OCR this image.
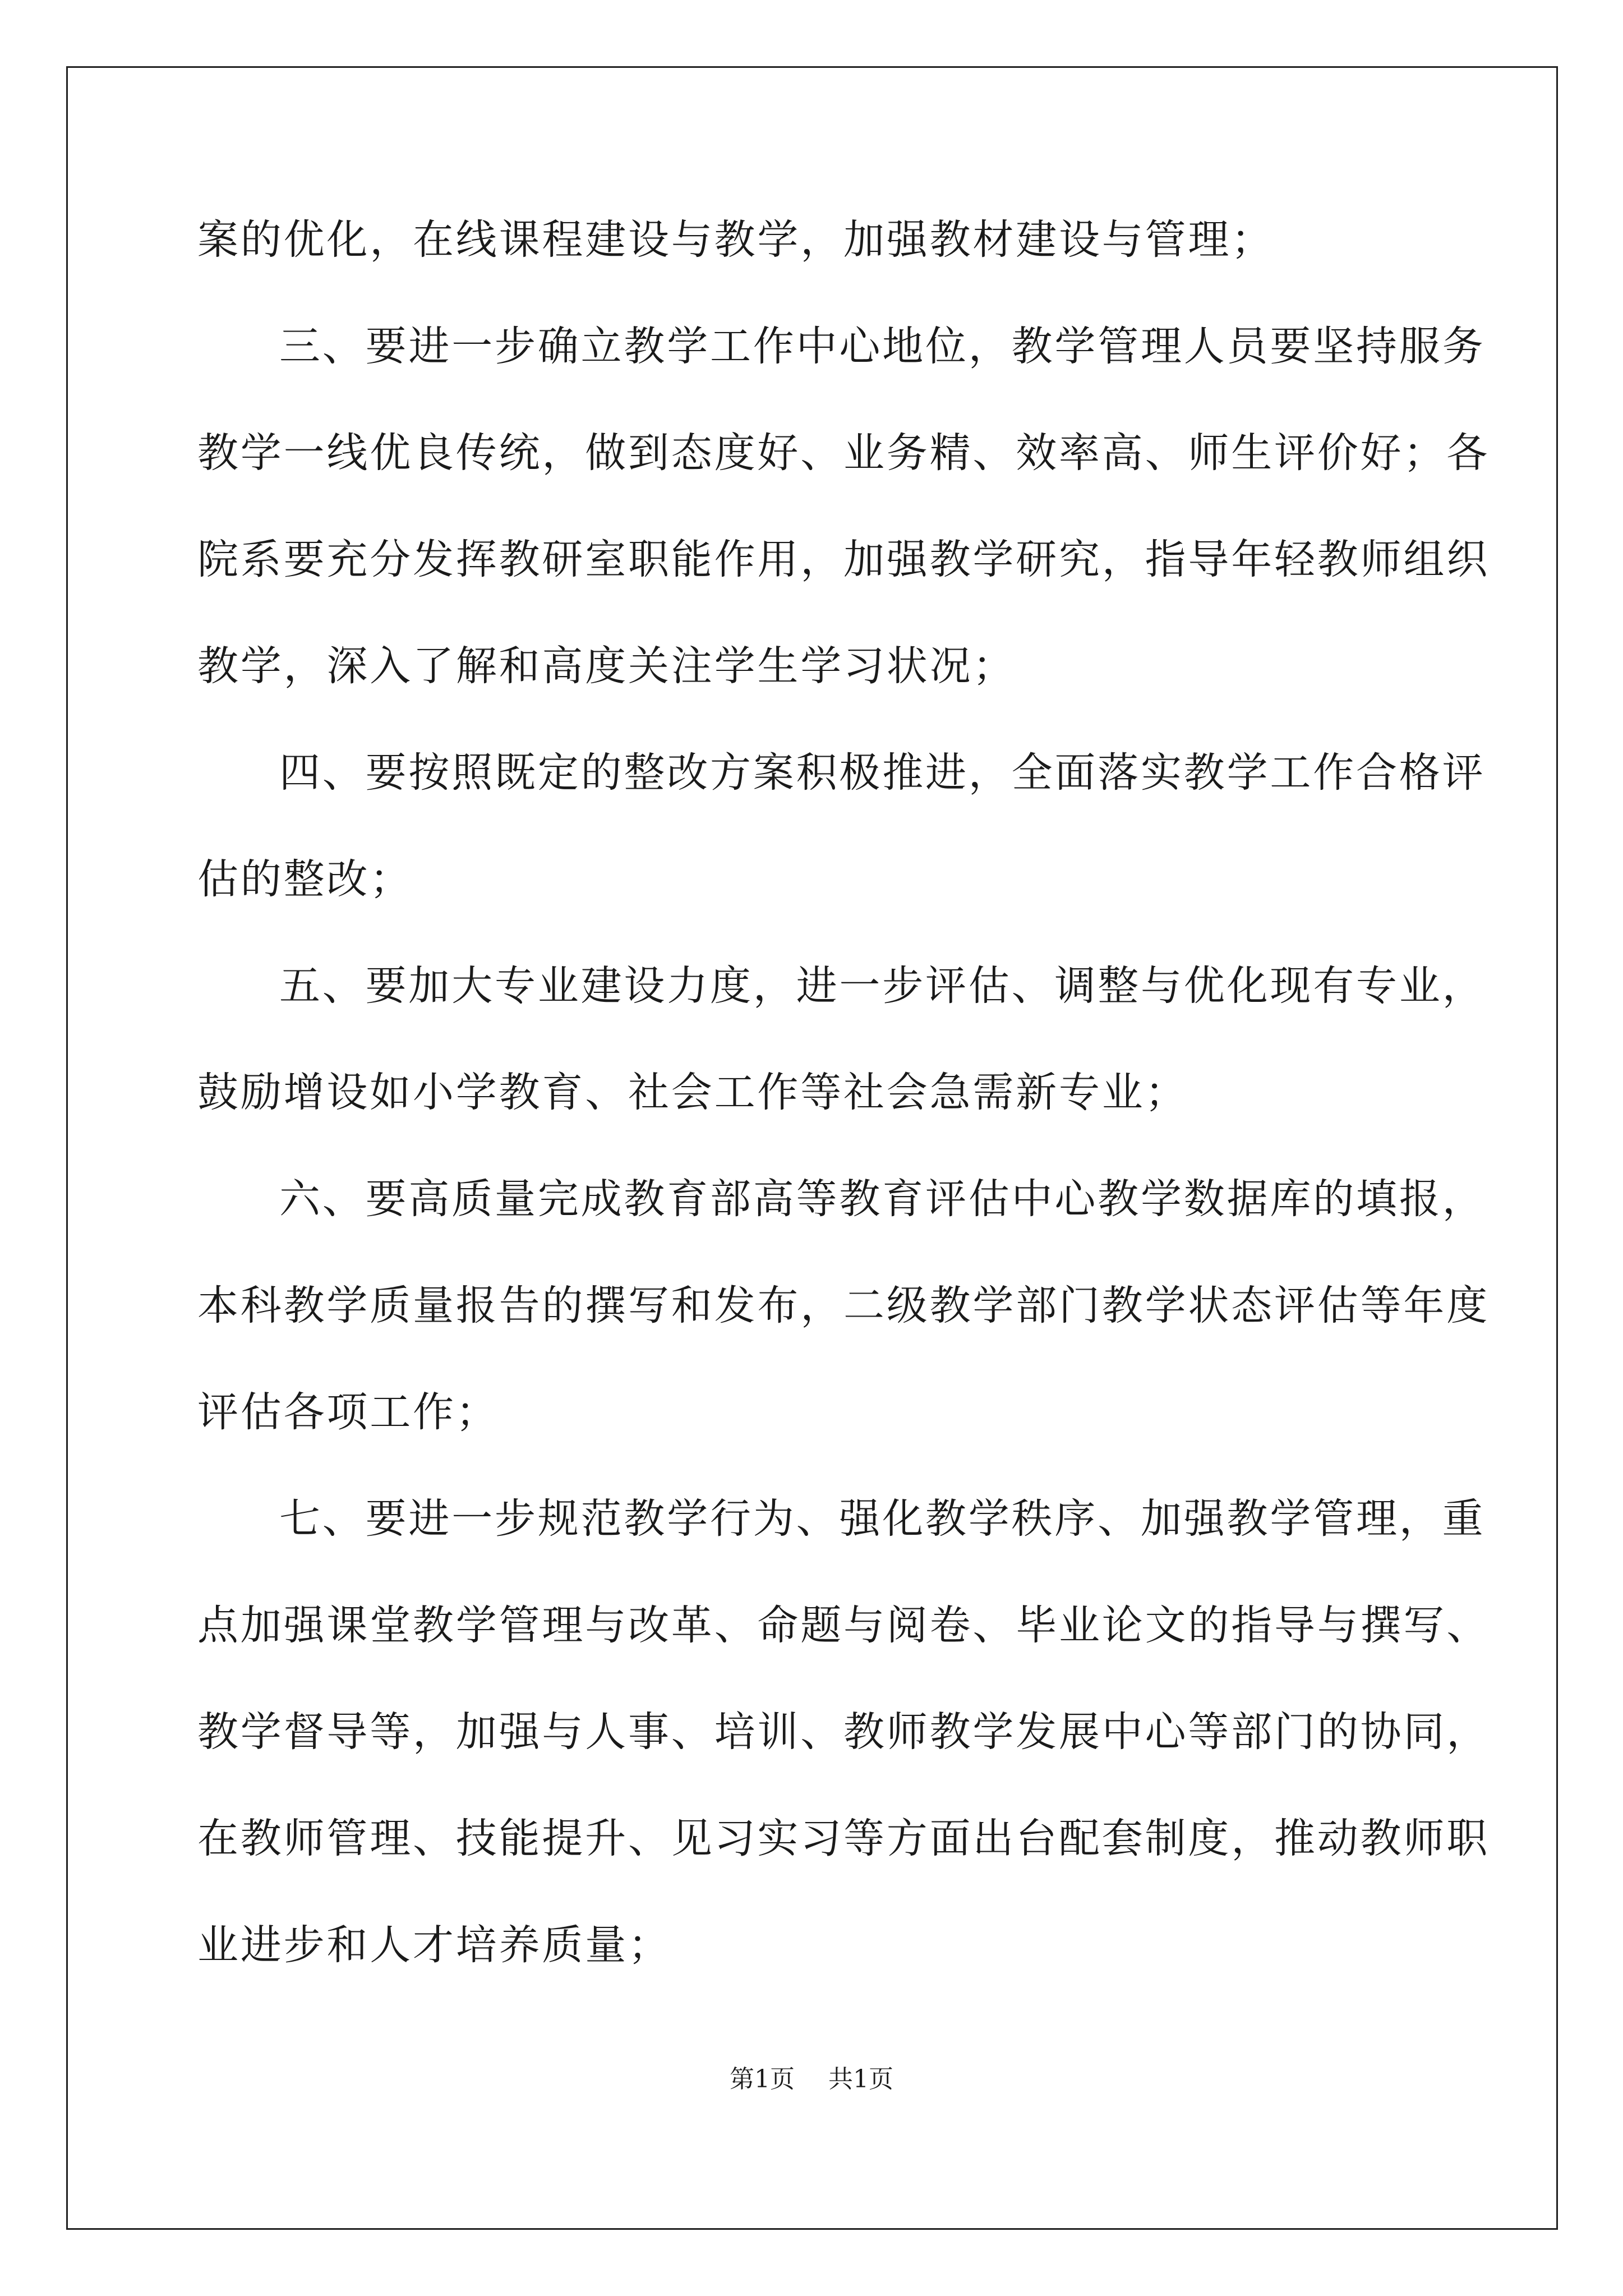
案的优化，在线课程建设与教学，加强教材建设与管理；
三、要进一步确立教学工作中心地位，教学管理人员要坚持服务
教学一线优良传统，做到态度好、业务精、效率高、师生评价好；各
院系要充分发挥教研室职能作用，加强教学研究，指导年轻教师组织
教学，深入了解和高度关注学生学习状况；
四、要按照既定的整改方案积极推进，全面落实教学工作合格评
估的整改；
五、要加大专业建设力度，进一步评估、调整与优化现有专业，
鼓励增设如小学教育、社会工作等社会急需新专业；
六、要高质量完成教育部高等教育评估中心教学数据库的填报，
本科教学质量报告的撰写和发布，二级教学部门教学状态评估等年度
评估各项工作；
七、要进一步规范教学行为、强化教学秩序、加强教学管理，重
点加强课堂教学管理与改革、命题与阅卷、毕业论文的指导与撰写、
教学督导等，加强与人事、培训、教师教学发展中心等部门的协同，
在教师管理、技能提升、见习实习等方面出台配套制度，推动教师职
业进步和人才培养质量；
第1页 共1页
